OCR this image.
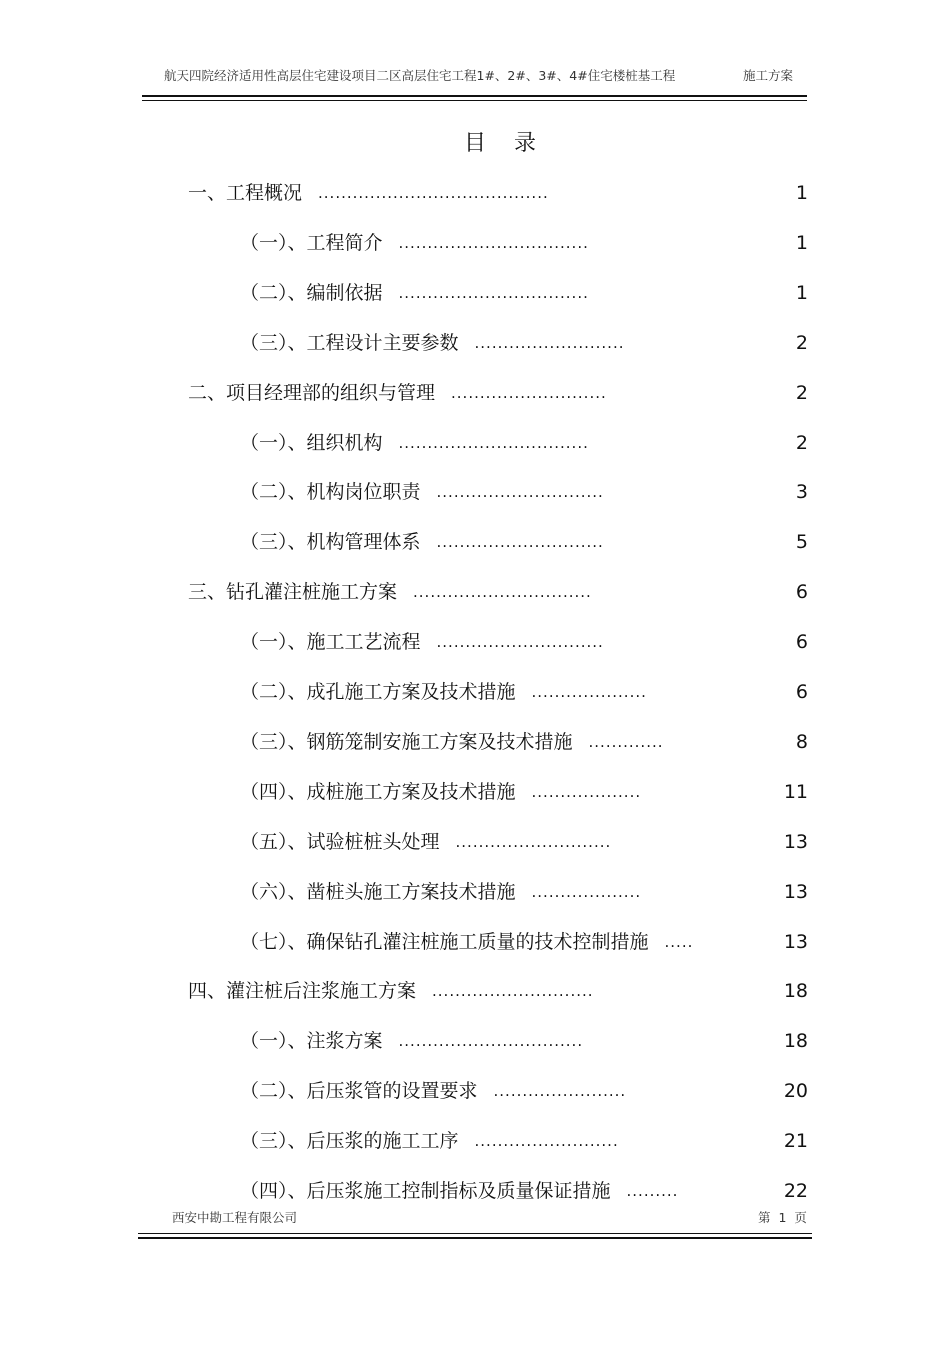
航天四院经济适用性高层住宅建设项目二区高层住宅工程1#、2#、3#、4#住宅楼桩基工程	施工方案
目    录
一、工程概况 ........................................	1
（一）、工程简介 .................................	1
（二）、编制依据 .................................	1
（三）、工程设计主要参数 ..........................	2
二、项目经理部的组织与管理 ...........................	2
（一）、组织机构 .................................	2
（二）、机构岗位职责 .............................	3
（三）、机构管理体系 .............................	5
三、钻孔灌注桩施工方案 ...............................	6
（一）、施工工艺流程 .............................	6
（二）、成孔施工方案及技术措施 ....................	6
（三）、钢筋笼制安施工方案及技术措施 .............	8
（四）、成桩施工方案及技术措施 ...................	11
（五）、试验桩桩头处理 ...........................	13
（六）、凿桩头施工方案技术措施 ...................	13
（七）、确保钻孔灌注桩施工质量的技术控制措施 .....	13
四、灌注桩后注浆施工方案 ............................	18
（一）、注浆方案 ................................	18
（二）、后压浆管的设置要求 .......................	20
（三）、后压浆的施工工序 .........................	21
（四）、后压浆施工控制指标及质量保证措施 .........	22
西安中勘工程有限公司	第  1  页
